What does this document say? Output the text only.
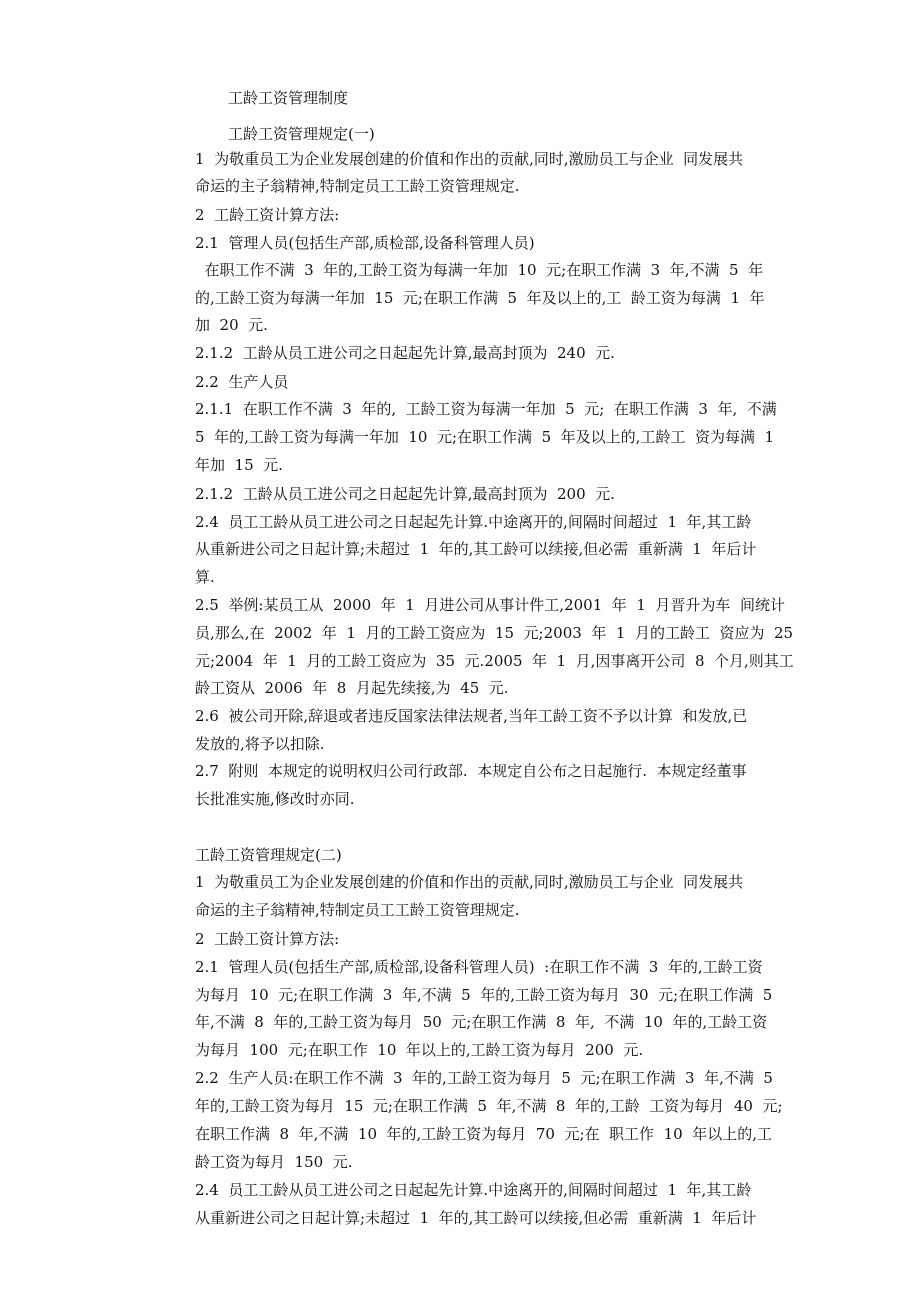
工龄工资管理制度
工龄工资管理规定(一)
1  为敬重员工为企业发展创建的价值和作出的贡献,同时,激励员工与企业  同发展共
命运的主子翁精神,特制定员工工龄工资管理规定.
2  工龄工资计算方法:
2.1  管理人员(包括生产部,质检部,设备科管理人员)
在职工作不满  3  年的,工龄工资为每满一年加  10  元;在职工作满  3  年,不满  5  年
的,工龄工资为每满一年加  15  元;在职工作满  5  年及以上的,工  龄工资为每满  1  年
加  20  元.
2.1.2  工龄从员工进公司之日起起先计算,最高封顶为  240  元.
2.2  生产人员
2.1.1  在职工作不满  3  年的,  工龄工资为每满一年加  5  元;  在职工作满  3  年,  不满
5  年的,工龄工资为每满一年加  10  元;在职工作满  5  年及以上的,工龄工  资为每满  1
年加  15  元.
2.1.2  工龄从员工进公司之日起起先计算,最高封顶为  200  元.
2.4  员工工龄从员工进公司之日起起先计算.中途离开的,间隔时间超过  1  年,其工龄
从重新进公司之日起计算;未超过  1  年的,其工龄可以续接,但必需  重新满  1  年后计
算.
2.5  举例:某员工从  2000  年  1  月进公司从事计件工,2001  年  1  月晋升为车  间统计
员,那么,在  2002  年  1  月的工龄工资应为  15  元;2003  年  1  月的工龄工  资应为  25
元;2004  年  1  月的工龄工资应为  35  元.2005  年  1  月,因事离开公司  8  个月,则其工
龄工资从  2006  年  8  月起先续接,为  45  元.
2.6  被公司开除,辞退或者违反国家法律法规者,当年工龄工资不予以计算  和发放,已
发放的,将予以扣除.
2.7  附则  本规定的说明权归公司行政部.  本规定自公布之日起施行.  本规定经董事
长批准实施,修改时亦同.
工龄工资管理规定(二)
1  为敬重员工为企业发展创建的价值和作出的贡献,同时,激励员工与企业  同发展共
命运的主子翁精神,特制定员工工龄工资管理规定.
2  工龄工资计算方法:
2.1  管理人员(包括生产部,质检部,设备科管理人员)  :在职工作不满  3  年的,工龄工资
为每月  10  元;在职工作满  3  年,不满  5  年的,工龄工资为每月  30  元;在职工作满  5
年,不满  8  年的,工龄工资为每月  50  元;在职工作满  8  年,  不满  10  年的,工龄工资
为每月  100  元;在职工作  10  年以上的,工龄工资为每月  200  元.
2.2  生产人员:在职工作不满  3  年的,工龄工资为每月  5  元;在职工作满  3  年,不满  5
年的,工龄工资为每月  15  元;在职工作满  5  年,不满  8  年的,工龄  工资为每月  40  元;
在职工作满  8  年,不满  10  年的,工龄工资为每月  70  元;在  职工作  10  年以上的,工
龄工资为每月  150  元.
2.4  员工工龄从员工进公司之日起起先计算.中途离开的,间隔时间超过  1  年,其工龄
从重新进公司之日起计算;未超过  1  年的,其工龄可以续接,但必需  重新满  1  年后计
